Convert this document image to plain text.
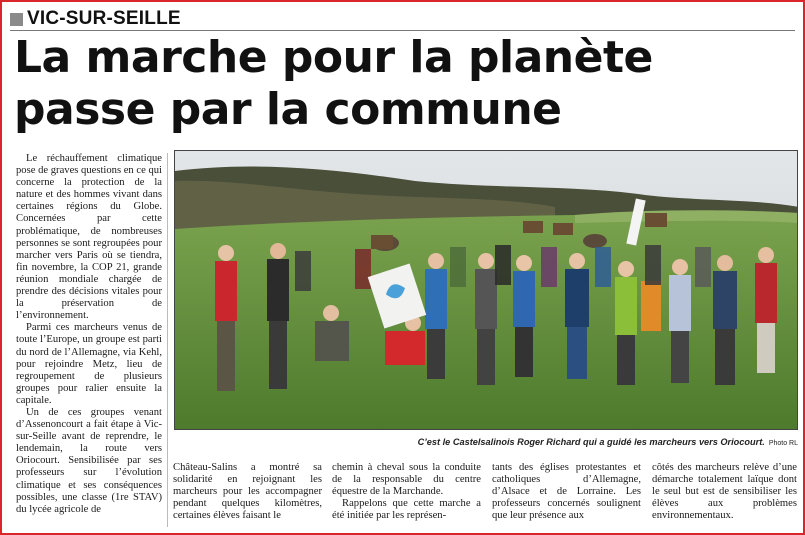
VIC-SUR-SEILLE
La marche pour la planète
passe par la commune

Le réchauffement climatique pose de graves questions en ce qui concerne la protection de la nature et des hommes vivant dans certaines régions du Globe. Concernées par cette problématique, de nombreuses personnes se sont regroupées pour marcher vers Paris où se tiendra, fin novembre, la COP 21, grande réunion mondiale chargée de prendre des décisions vitales pour la préservation de l’environnement.

Parmi ces marcheurs venus de toute l’Europe, un groupe est parti du nord de l’Allemagne, via Kehl, pour rejoindre Metz, lieu de regroupement de plusieurs groupes pour ralier ensuite la capitale.

Un de ces groupes venant d’Assenoncourt a fait étape à Vic-sur-Seille avant de reprendre, le lendemain, la route vers Oriocourt. Sensibilisée par ses professeurs sur l’évolution climatique et ses conséquences possibles, une classe (1re STAV) du lycée agricole de

C’est le Castelsalinois Roger Richard qui a guidé les marcheurs vers Oriocourt. Photo RL

Château-Salins a montré sa solidarité en rejoignant les marcheurs pour les accompagner pendant quelques kilomètres, certaines élèves faisant le

chemin à cheval sous la conduite de la responsable du centre équestre de la Marchande.

Rappelons que cette marche a été initiée par les représen-

tants des églises protestantes et catholiques d’Allemagne, d’Alsace et de Lorraine. Les professeurs concernés soulignent que leur présence aux

côtés des marcheurs relève d’une démarche totalement laïque dont le seul but est de sensibiliser les élèves aux problèmes environnementaux.
